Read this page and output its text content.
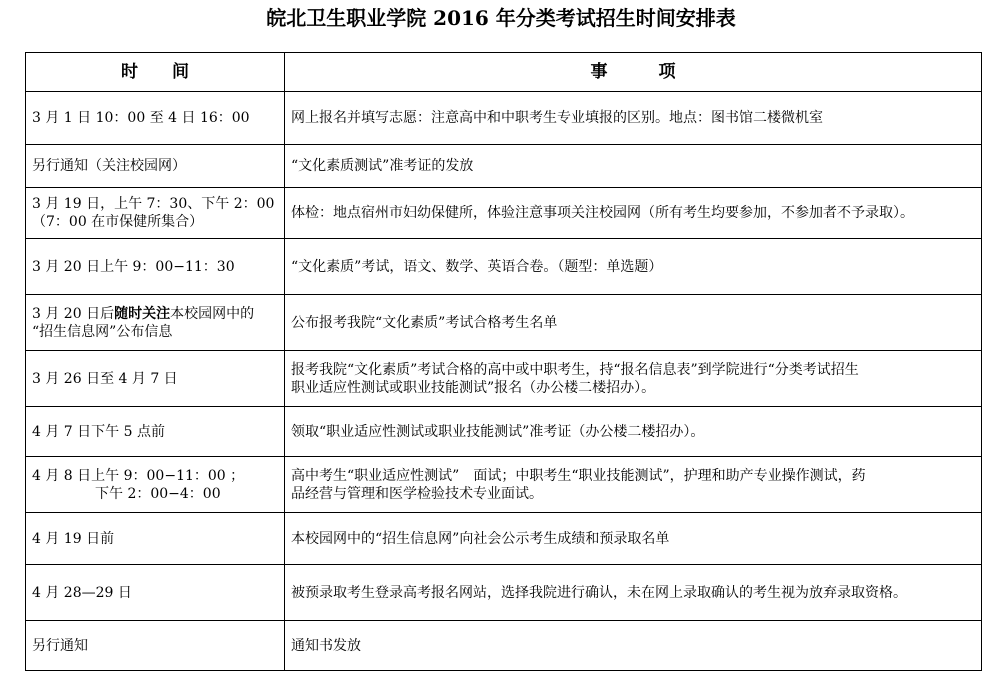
皖北卫生职业学院 2016 年分类考试招生时间安排表
时　　间	事　　　项
3 月 1 日 10：00 至 4 日 16：00	网上报名并填写志愿：注意高中和中职考生专业填报的区别。地点：图书馆二楼微机室
另行通知（关注校园网）	“文化素质测试”准考证的发放

3 月 19 日，上午 7：30、下午 2：00
（7：00 在市保健所集合）	体检：地点宿州市妇幼保健所，体验注意事项关注校园网（所有考生均要参加，不参加者不予录取）。
3 月 20 日上午 9：00−11：30	“文化素质”考试，语文、数学、英语合卷。（题型：单选题）

3 月 20 日后随时关注本校园网中的
“招生信息网”公布信息	公布报考我院“文化素质”考试合格考生名单
3 月 26 日至 4 月 7 日	报考我院“文化素质”考试合格的高中或中职考生，持“报名信息表”到学院进行“分类考试招生
职业适应性测试或职业技能测试”报名（办公楼二楼招办）。

4 月 7 日下午 5 点前	领取“职业适应性测试或职业技能测试”准考证（办公楼二楼招办）。

4 月 8 日上午 9：00−11：00 ；
下午 2：00−4：00	高中考生“职业适应性测试”　面试；中职考生“职业技能测试”，护理和助产专业操作测试，药
品经营与管理和医学检验技术专业面试。

4 月 19 日前	本校园网中的“招生信息网”向社会公示考生成绩和预录取名单
4 月 28—29 日	被预录取考生登录高考报名网站，选择我院进行确认，未在网上录取确认的考生视为放弃录取资格。
另行通知	通知书发放
